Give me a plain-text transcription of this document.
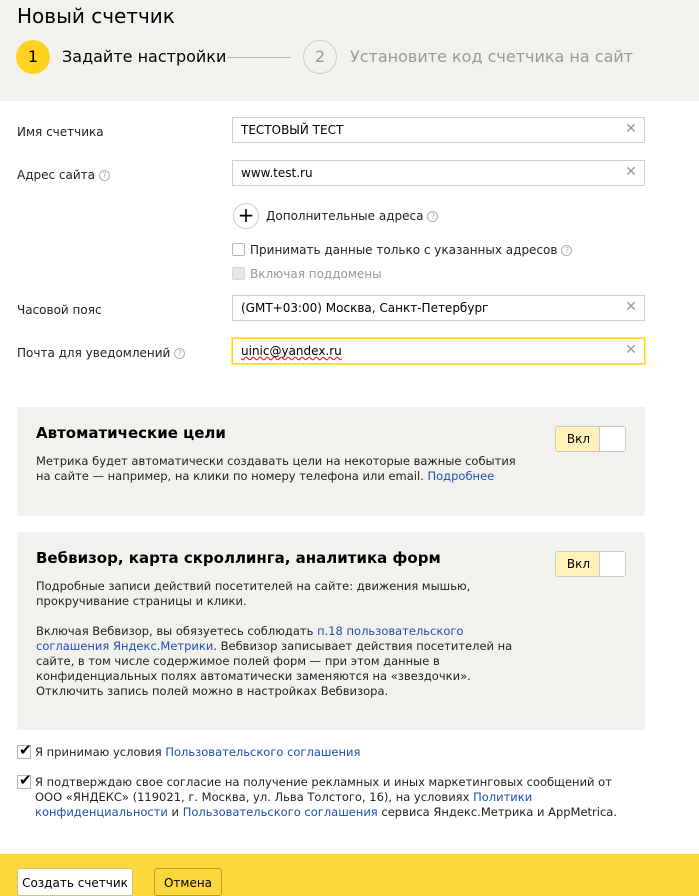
Новый счетчик
1	Задайте настройки	2	Установите код счетчика на сайт
Имя счетчика	ТЕСТОВЫЙ ТЕСТ	✕
Адрес сайта ?	www.test.ru	✕
+ Дополнительные адреса ?
Принимать данные только с указанных адресов ?
Включая поддомены
Часовой пояс	(GMT+03:00) Москва, Санкт-Петербург	✕
Почта для уведомлений ?	uinic@yandex.ru	✕
Автоматические цели
Метрика будет автоматически создавать цели на некоторые важные события на сайте — например, на клики по номеру телефона или email. Подробнее
Вкл
Вебвизор, карта скроллинга, аналитика форм
Подробные записи действий посетителей на сайте: движения мышью, прокручивание страницы и клики.
Включая Вебвизор, вы обязуетесь соблюдать п.18 пользовательского соглашения Яндекс.Метрики. Вебвизор записывает действия посетителей на сайте, в том числе содержимое полей форм — при этом данные в конфиденциальных полях автоматически заменяются на «звездочки». Отключить запись полей можно в настройках Вебвизора.
Вкл
✔ Я принимаю условия Пользовательского соглашения
✔ Я подтверждаю свое согласие на получение рекламных и иных маркетинговых сообщений от ООО «ЯНДЕКС» (119021, г. Москва, ул. Льва Толстого, 16), на условиях Политики конфиденциальности и Пользовательского соглашения сервиса Яндекс.Метрика и AppMetrica.
Создать счетчик	Отмена
